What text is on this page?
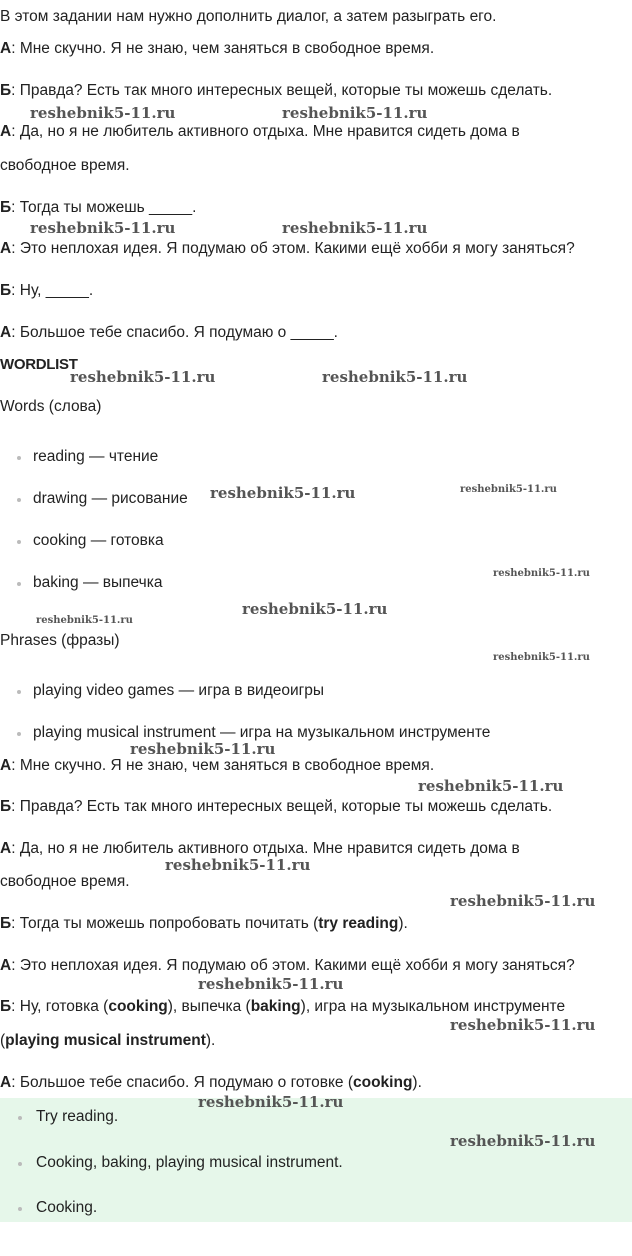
В этом задании нам нужно дополнить диалог, а затем разыграть его.
А: Мне скучно. Я не знаю, чем заняться в свободное время.
Б: Правда? Есть так много интересных вещей, которые ты можешь сделать.
А: Да, но я не любитель активного отдыха. Мне нравится сидеть дома в
свободное время.
Б: Тогда ты можешь _____.
А: Это неплохая идея. Я подумаю об этом. Какими ещё хобби я могу заняться?
Б: Ну, _____.
А: Большое тебе спасибо. Я подумаю о _____.
WORDLIST
Words (слова)
reading — чтение
drawing — рисование
cooking — готовка
baking — выпечка
Phrases (фразы)
playing video games — игра в видеоигры
playing musical instrument — игра на музыкальном инструменте
А: Мне скучно. Я не знаю, чем заняться в свободное время.
Б: Правда? Есть так много интересных вещей, которые ты можешь сделать.
А: Да, но я не любитель активного отдыха. Мне нравится сидеть дома в
свободное время.
Б: Тогда ты можешь попробовать почитать (try reading).
А: Это неплохая идея. Я подумаю об этом. Какими ещё хобби я могу заняться?
Б: Ну, готовка (cooking), выпечка (baking), игра на музыкальном инструменте
(playing musical instrument).
А: Большое тебе спасибо. Я подумаю о готовке (cooking).
Try reading.
Cooking, baking, playing musical instrument.
Cooking.
reshebnik5-11.ru	reshebnik5-11.ru
reshebnik5-11.ru	reshebnik5-11.ru
reshebnik5-11.ru	reshebnik5-11.ru
reshebnik5-11.ru	reshebnik5-11.ru
reshebnik5-11.ru
reshebnik5-11.ru
reshebnik5-11.ru
reshebnik5-11.ru
reshebnik5-11.ru
reshebnik5-11.ru
reshebnik5-11.ru
reshebnik5-11.ru
reshebnik5-11.ru
reshebnik5-11.ru
reshebnik5-11.ru
reshebnik5-11.ru
